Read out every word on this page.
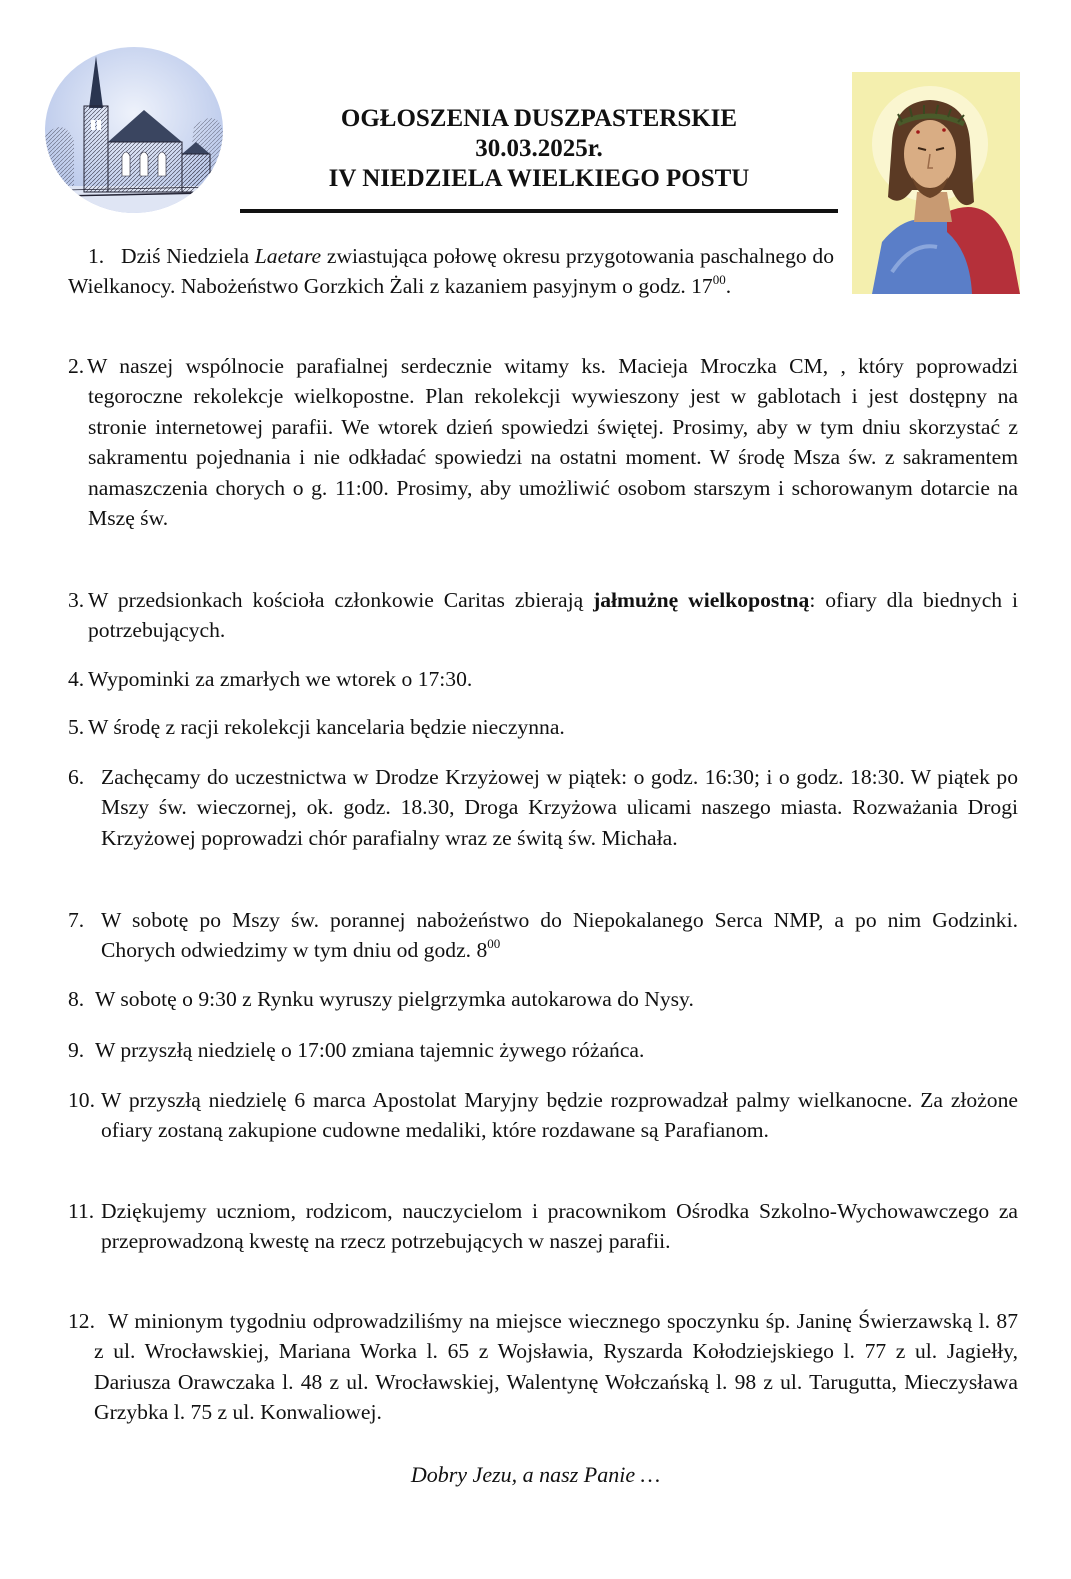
OGŁOSZENIA DUSZPASTERSKIE
30.03.2025r.
IV NIEDZIELA WIELKIEGO POSTU

1. Dziś Niedziela Laetare zwiastująca połowę okresu przygotowania paschalnego do Wielkanocy. Nabożeństwo Gorzkich Żali z kazaniem pasyjnym o godz. $17^{00}$.

2. W naszej wspólnocie parafialnej serdecznie witamy ks. Macieja Mroczka CM, , który poprowadzi tegoroczne rekolekcje wielkopostne. Plan rekolekcji wywieszony jest w gablotach i jest dostępny na stronie internetowej parafii. We wtorek dzień spowiedzi świętej. Prosimy, aby w tym dniu skorzystać z sakramentu pojednania i nie odkładać spowiedzi na ostatni moment. W środę Msza św. z sakramentem namaszczenia chorych o g. 11:00. Prosimy, aby umożliwić osobom starszym i schorowanym dotarcie na Mszę św.

3. W przedsionkach kościoła członkowie Caritas zbierają jałmużnę wielkopostną: ofiary dla biednych i potrzebujących.

4. Wypominki za zmarłych we wtorek o 17:30.

5. W środę z racji rekolekcji kancelaria będzie nieczynna.

6. Zachęcamy do uczestnictwa w Drodze Krzyżowej w piątek: o godz. 16:30; i o godz. 18:30. W piątek po Mszy św. wieczornej, ok. godz. 18.30, Droga Krzyżowa ulicami naszego miasta. Rozważania Drogi Krzyżowej poprowadzi chór parafialny wraz ze świtą św. Michała.

7. W sobotę po Mszy św. porannej nabożeństwo do Niepokalanego Serca NMP, a po nim Godzinki. Chorych odwiedzimy w tym dniu od godz. $8^{00}$

8. W sobotę o 9:30 z Rynku wyruszy pielgrzymka autokarowa do Nysy.

9. W przyszłą niedzielę o 17:00 zmiana tajemnic żywego różańca.

10. W przyszłą niedzielę 6 marca Apostolat Maryjny będzie rozprowadzał palmy wielkanocne. Za złożone ofiary zostaną zakupione cudowne medaliki, które rozdawane są Parafianom.

11. Dziękujemy uczniom, rodzicom, nauczycielom i pracownikom Ośrodka Szkolno-Wychowawczego za przeprowadzoną kwestę na rzecz potrzebujących w naszej parafii.

12. W minionym tygodniu odprowadziliśmy na miejsce wiecznego spoczynku śp. Janinę Świerzawską l. 87 z ul. Wrocławskiej, Mariana Worka l. 65 z Wojsławia, Ryszarda Kołodziejskiego l. 77 z ul. Jagiełły, Dariusza Orawczaka l. 48 z ul. Wrocławskiej, Walentynę Wołczańską l. 98 z ul. Tarugutta, Mieczysława Grzybka l. 75 z ul. Konwaliowej.

Dobry Jezu, a nasz Panie …
